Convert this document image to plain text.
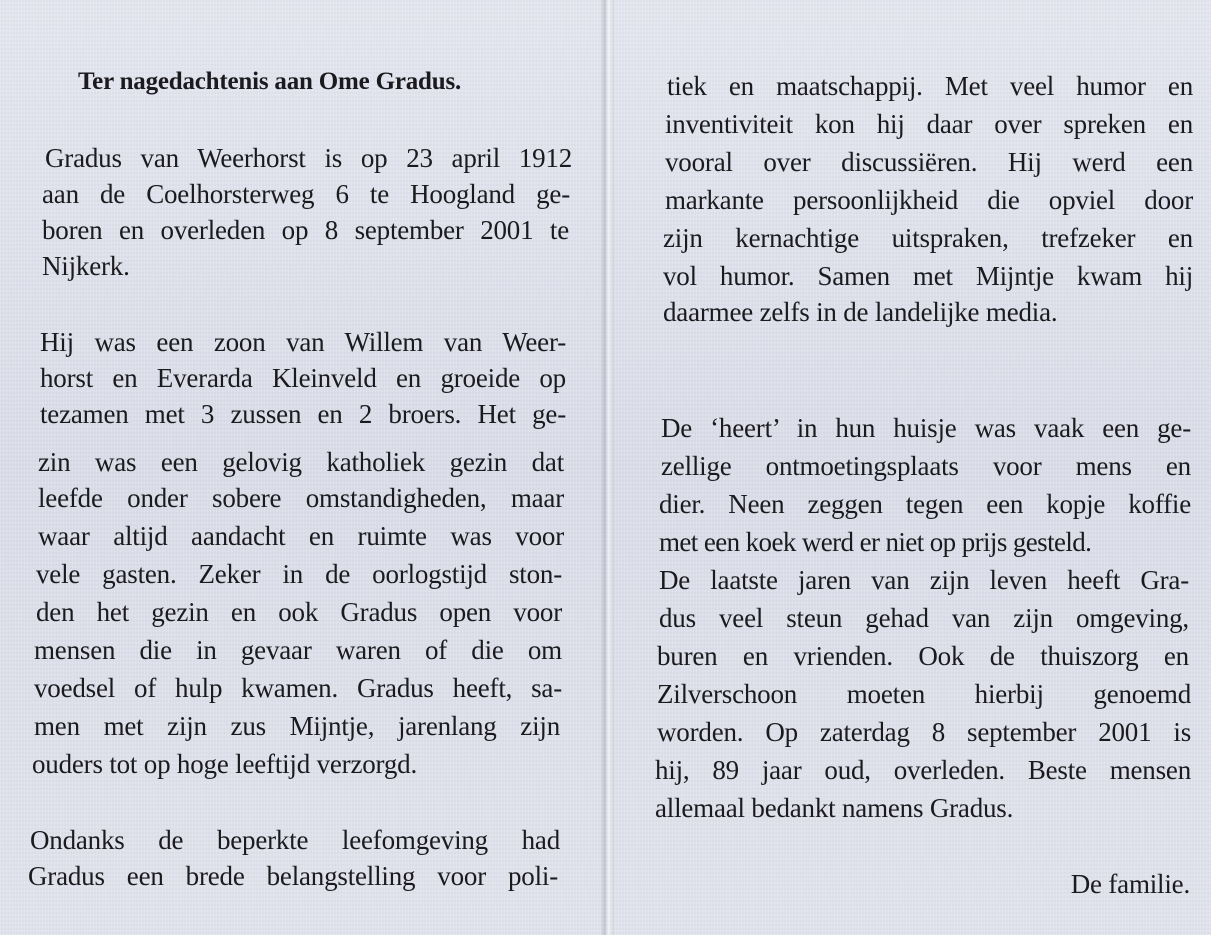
Ter nagedachtenis aan Ome Gradus.
Gradus van Weerhorst is op 23 april 1912
aan de Coelhorsterweg 6 te Hoogland ge-
boren en overleden op 8 september 2001 te
Nijkerk.
Hij was een zoon van Willem van Weer-
horst en Everarda Kleinveld en groeide op
tezamen met 3 zussen en 2 broers. Het ge-
zin was een gelovig katholiek gezin dat
leefde onder sobere omstandigheden, maar
waar altijd aandacht en ruimte was voor
vele gasten. Zeker in de oorlogstijd ston-
den het gezin en ook Gradus open voor
mensen die in gevaar waren of die om
voedsel of hulp kwamen. Gradus heeft, sa-
men met zijn zus Mijntje, jarenlang zijn
ouders tot op hoge leeftijd verzorgd.
Ondanks de beperkte leefomgeving had
Gradus een brede belangstelling voor poli-
tiek en maatschappij. Met veel humor en
inventiviteit kon hij daar over spreken en
vooral over discussiëren. Hij werd een
markante persoonlijkheid die opviel door
zijn kernachtige uitspraken, trefzeker en
vol humor. Samen met Mijntje kwam hij
daarmee zelfs in de landelijke media.
De ‘heert’ in hun huisje was vaak een ge-
zellige ontmoetingsplaats voor mens en
dier. Neen zeggen tegen een kopje koffie
met een koek werd er niet op prijs gesteld.
De laatste jaren van zijn leven heeft Gra-
dus veel steun gehad van zijn omgeving,
buren en vrienden. Ook de thuiszorg en
Zilverschoon moeten hierbij genoemd
worden. Op zaterdag 8 september 2001 is
hij, 89 jaar oud, overleden. Beste mensen
allemaal bedankt namens Gradus.
De familie.
